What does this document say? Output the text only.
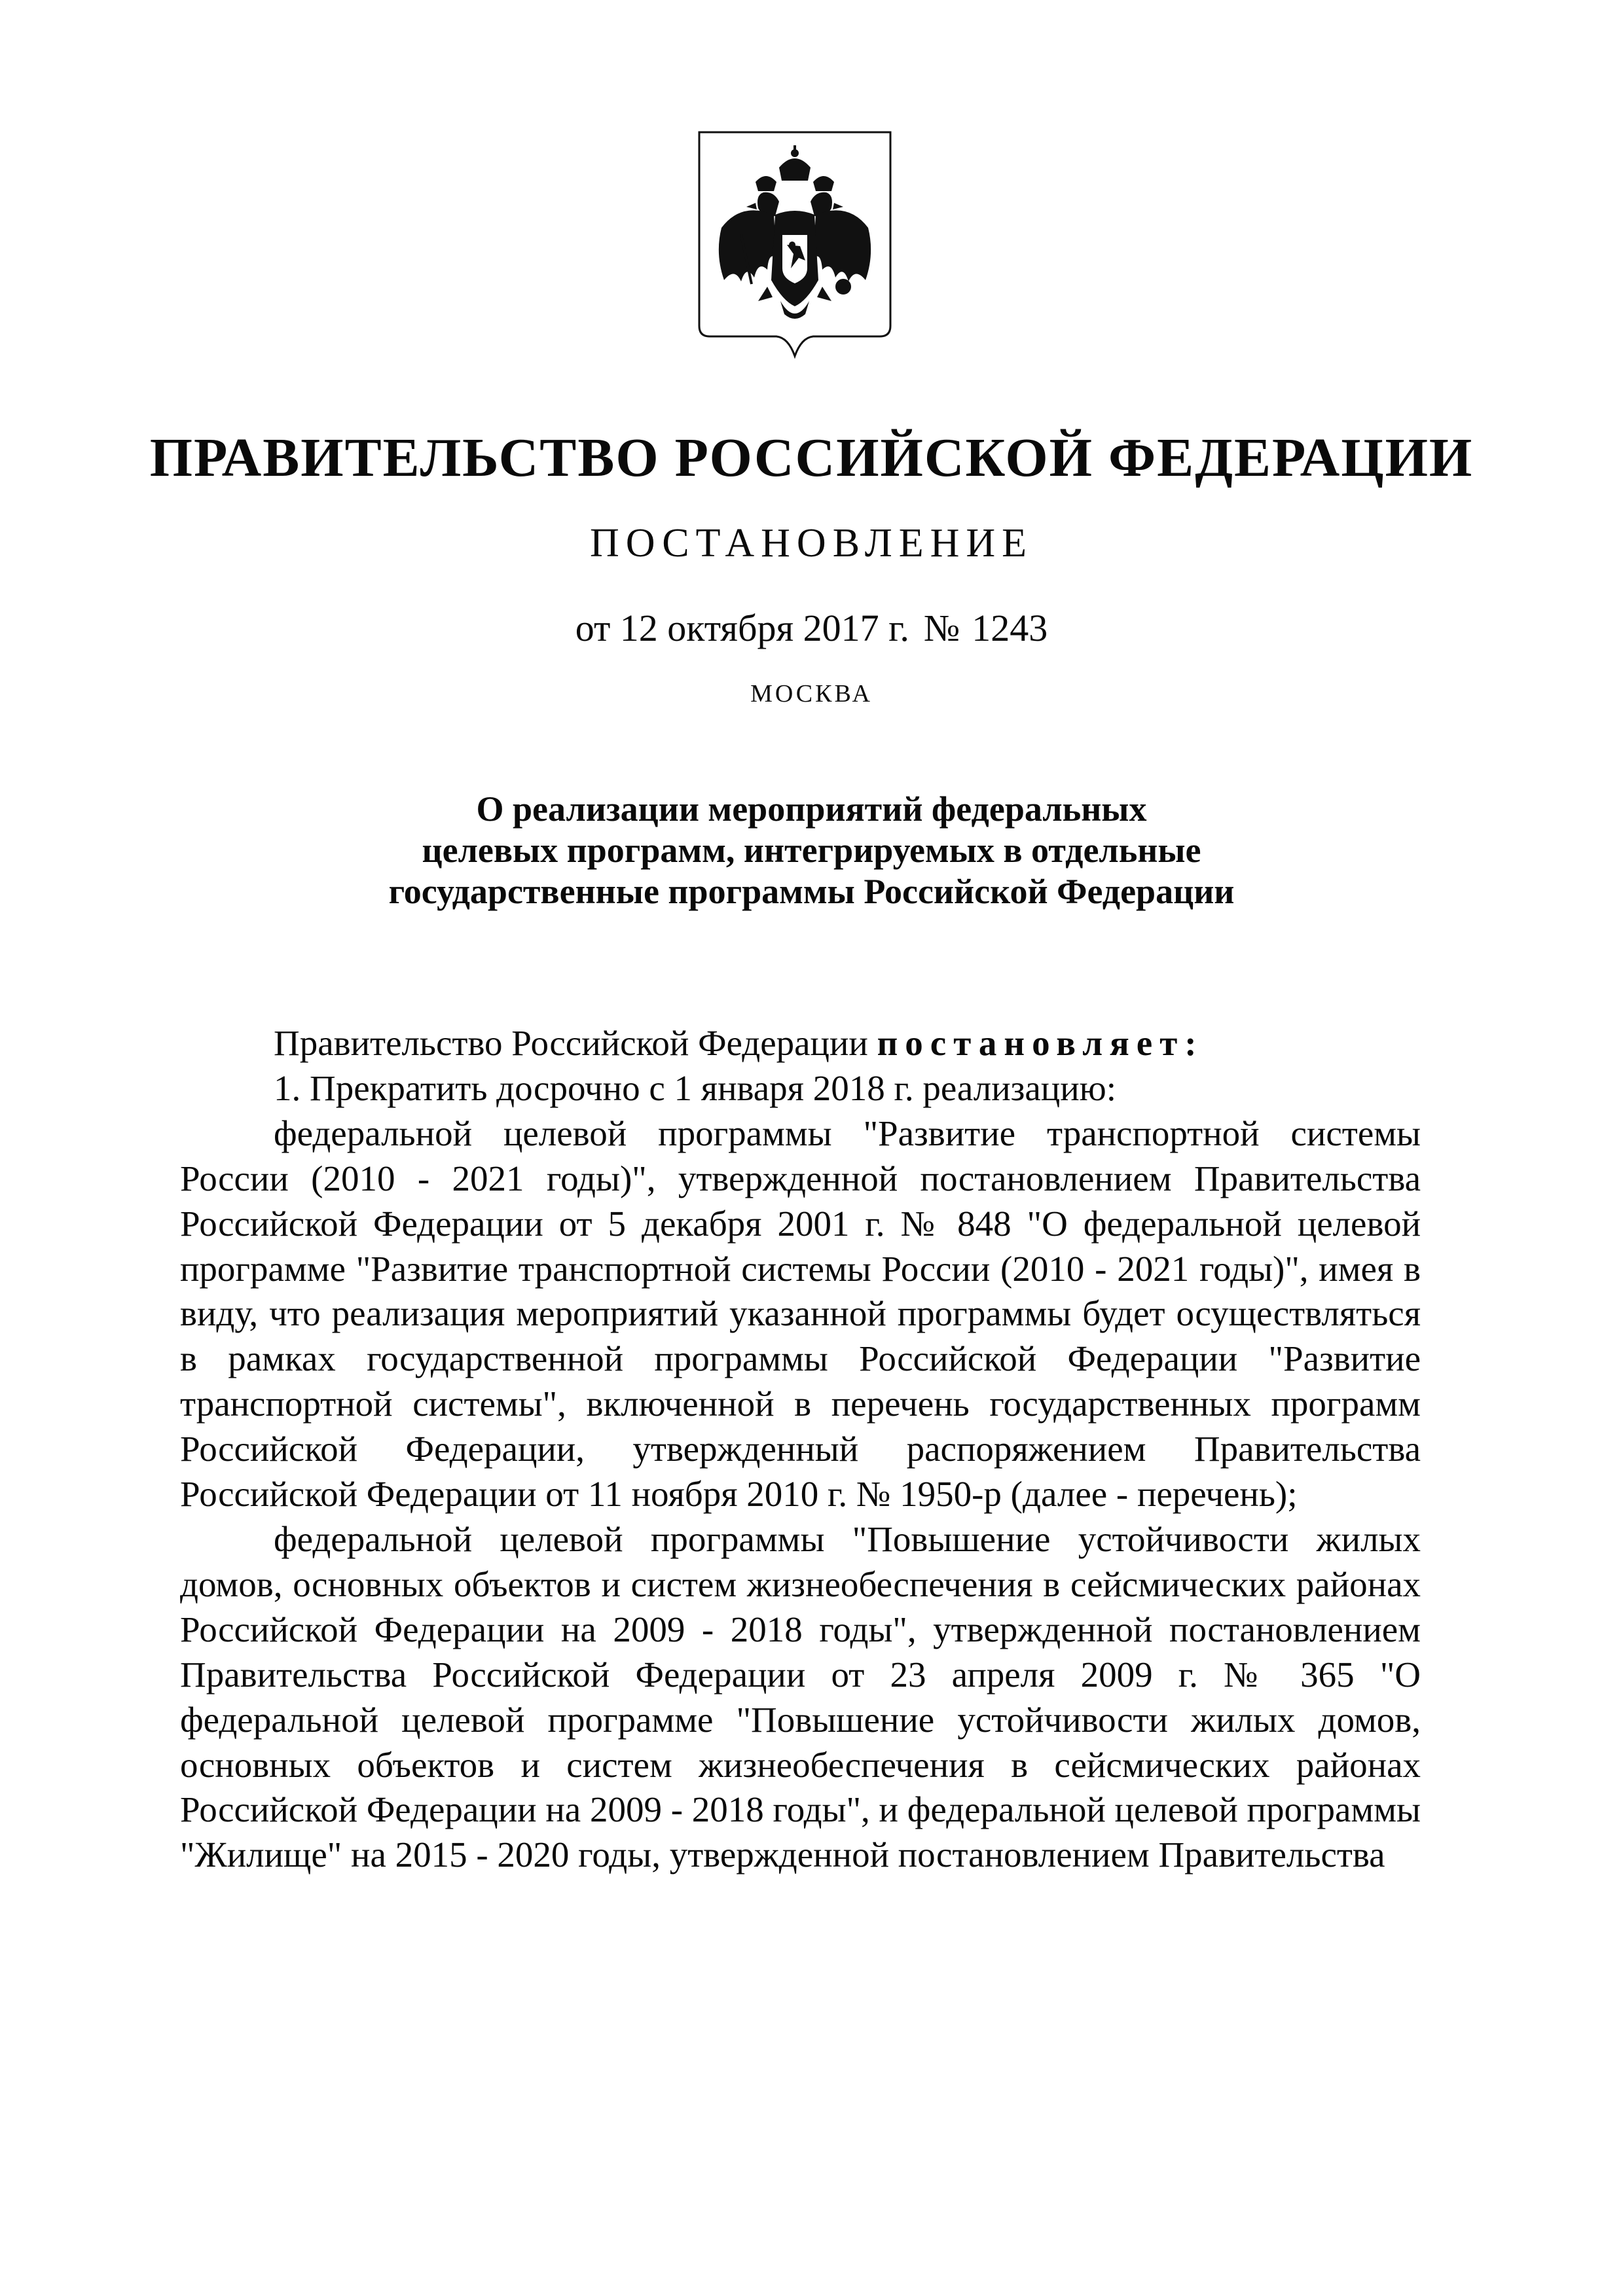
ПРАВИТЕЛЬСТВО РОССИЙСКОЙ ФЕДЕРАЦИИ
ПОСТАНОВЛЕНИЕ
от 12 октября 2017 г. № 1243
МОСКВА
О реализации мероприятий федеральных
целевых программ, интегрируемых в отдельные
государственные программы Российской Федерации

Правительство Российской Федерации постановляет:

1. Прекратить досрочно с 1 января 2018 г. реализацию:

федеральной целевой программы "Развитие транспортной системы России (2010 - 2021 годы)", утвержденной постановлением Правительства Российской Федерации от 5 декабря 2001 г. № 848 "О федеральной целевой программе "Развитие транспортной системы России (2010 - 2021 годы)", имея в виду, что реализация мероприятий указанной программы будет осуществляться в рамках государственной программы Российской Федерации "Развитие транспортной системы", включенной в перечень государственных программ Российской Федерации, утвержденный распоряжением Правительства Российской Федерации от 11 ноября 2010 г. № 1950-р (далее - перечень);

федеральной целевой программы "Повышение устойчивости жилых домов, основных объектов и систем жизнеобеспечения в сейсмических районах Российской Федерации на 2009 - 2018 годы", утвержденной постановлением Правительства Российской Федерации от 23 апреля 2009 г. № 365 "О федеральной целевой программе "Повышение устойчивости жилых домов, основных объектов и систем жизнеобеспечения в сейсмических районах Российской Федерации на 2009 - 2018 годы", и федеральной целевой программы "Жилище" на 2015 - 2020 годы, утвержденной постановлением Правительства
